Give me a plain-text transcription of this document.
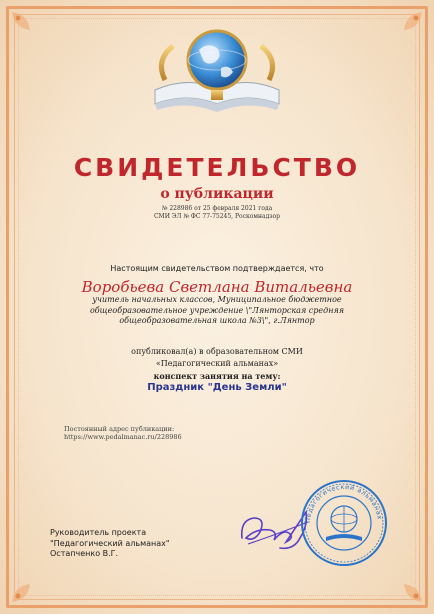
СВИДЕТЕЛЬСТВО
о публикации
№ 228986 от 25 февраля 2021 года
СМИ ЭЛ № ФС 77-75245, Роскомнадзор
Настоящим свидетельством подтверждается, что
Воробьева Светлана Витальевна
учитель начальных классов, Муниципальное бюджетное общеобразовательное учреждение \"Лянторская средняя общеобразовательная школа №3\", г.Лянтор
опубликовал(а) в образовательном СМИ
«Педагогический альманах»
конспект занятия на тему:
Праздник "День Земли"
Постоянный адрес публикации:
https://www.pedalmanac.ru/228986
Руководитель проекта
"Педагогический альманах"
Остапченко В.Г.
Педагогический альманах
